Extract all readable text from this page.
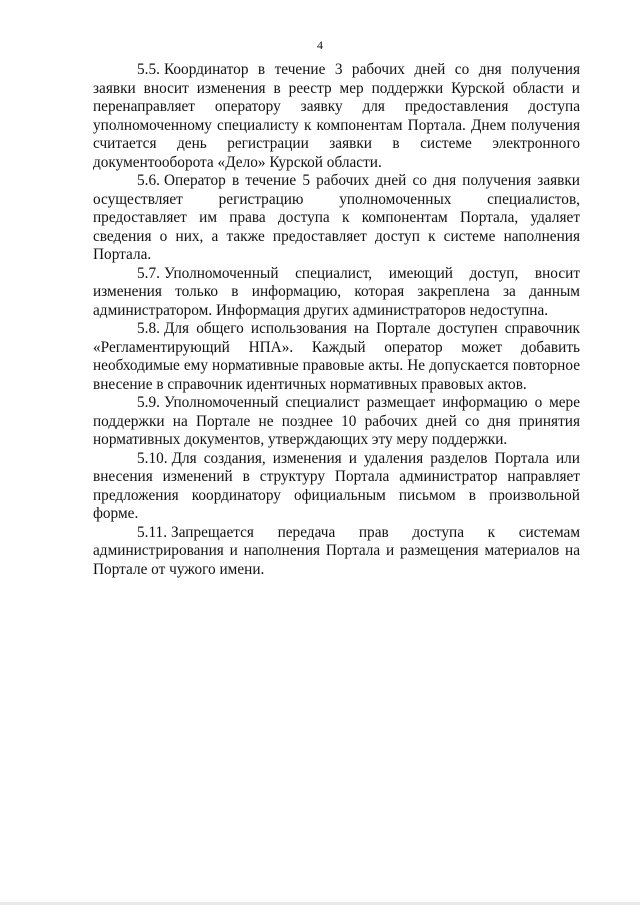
4

5.5. Координатор в течение 3 рабочих дней со дня получения заявки вносит изменения в реестр мер поддержки Курской области и перенаправляет оператору заявку для предоставления доступа уполномоченному специалисту к компонентам Портала. Днем получения считается день регистрации заявки в системе электронного документооборота «Дело» Курской области.

5.6. Оператор в течение 5 рабочих дней со дня получения заявки осуществляет регистрацию уполномоченных специалистов, предоставляет им права доступа к компонентам Портала, удаляет сведения о них, а также предоставляет доступ к системе наполнения Портала.

5.7. Уполномоченный специалист, имеющий доступ, вносит изменения только в информацию, которая закреплена за данным администратором. Информация других администраторов недоступна.

5.8. Для общего использования на Портале доступен справочник «Регламентирующий НПА». Каждый оператор может добавить необходимые ему нормативные правовые акты. Не допускается повторное внесение в справочник идентичных нормативных правовых актов.

5.9. Уполномоченный специалист размещает информацию о мере поддержки на Портале не позднее 10 рабочих дней со дня принятия нормативных документов, утверждающих эту меру поддержки.

5.10. Для создания, изменения и удаления разделов Портала или внесения изменений в структуру Портала администратор направляет предложения координатору официальным письмом в произвольной форме.

5.11. Запрещается передача прав доступа к системам администрирования и наполнения Портала и размещения материалов на Портале от чужого имени.
